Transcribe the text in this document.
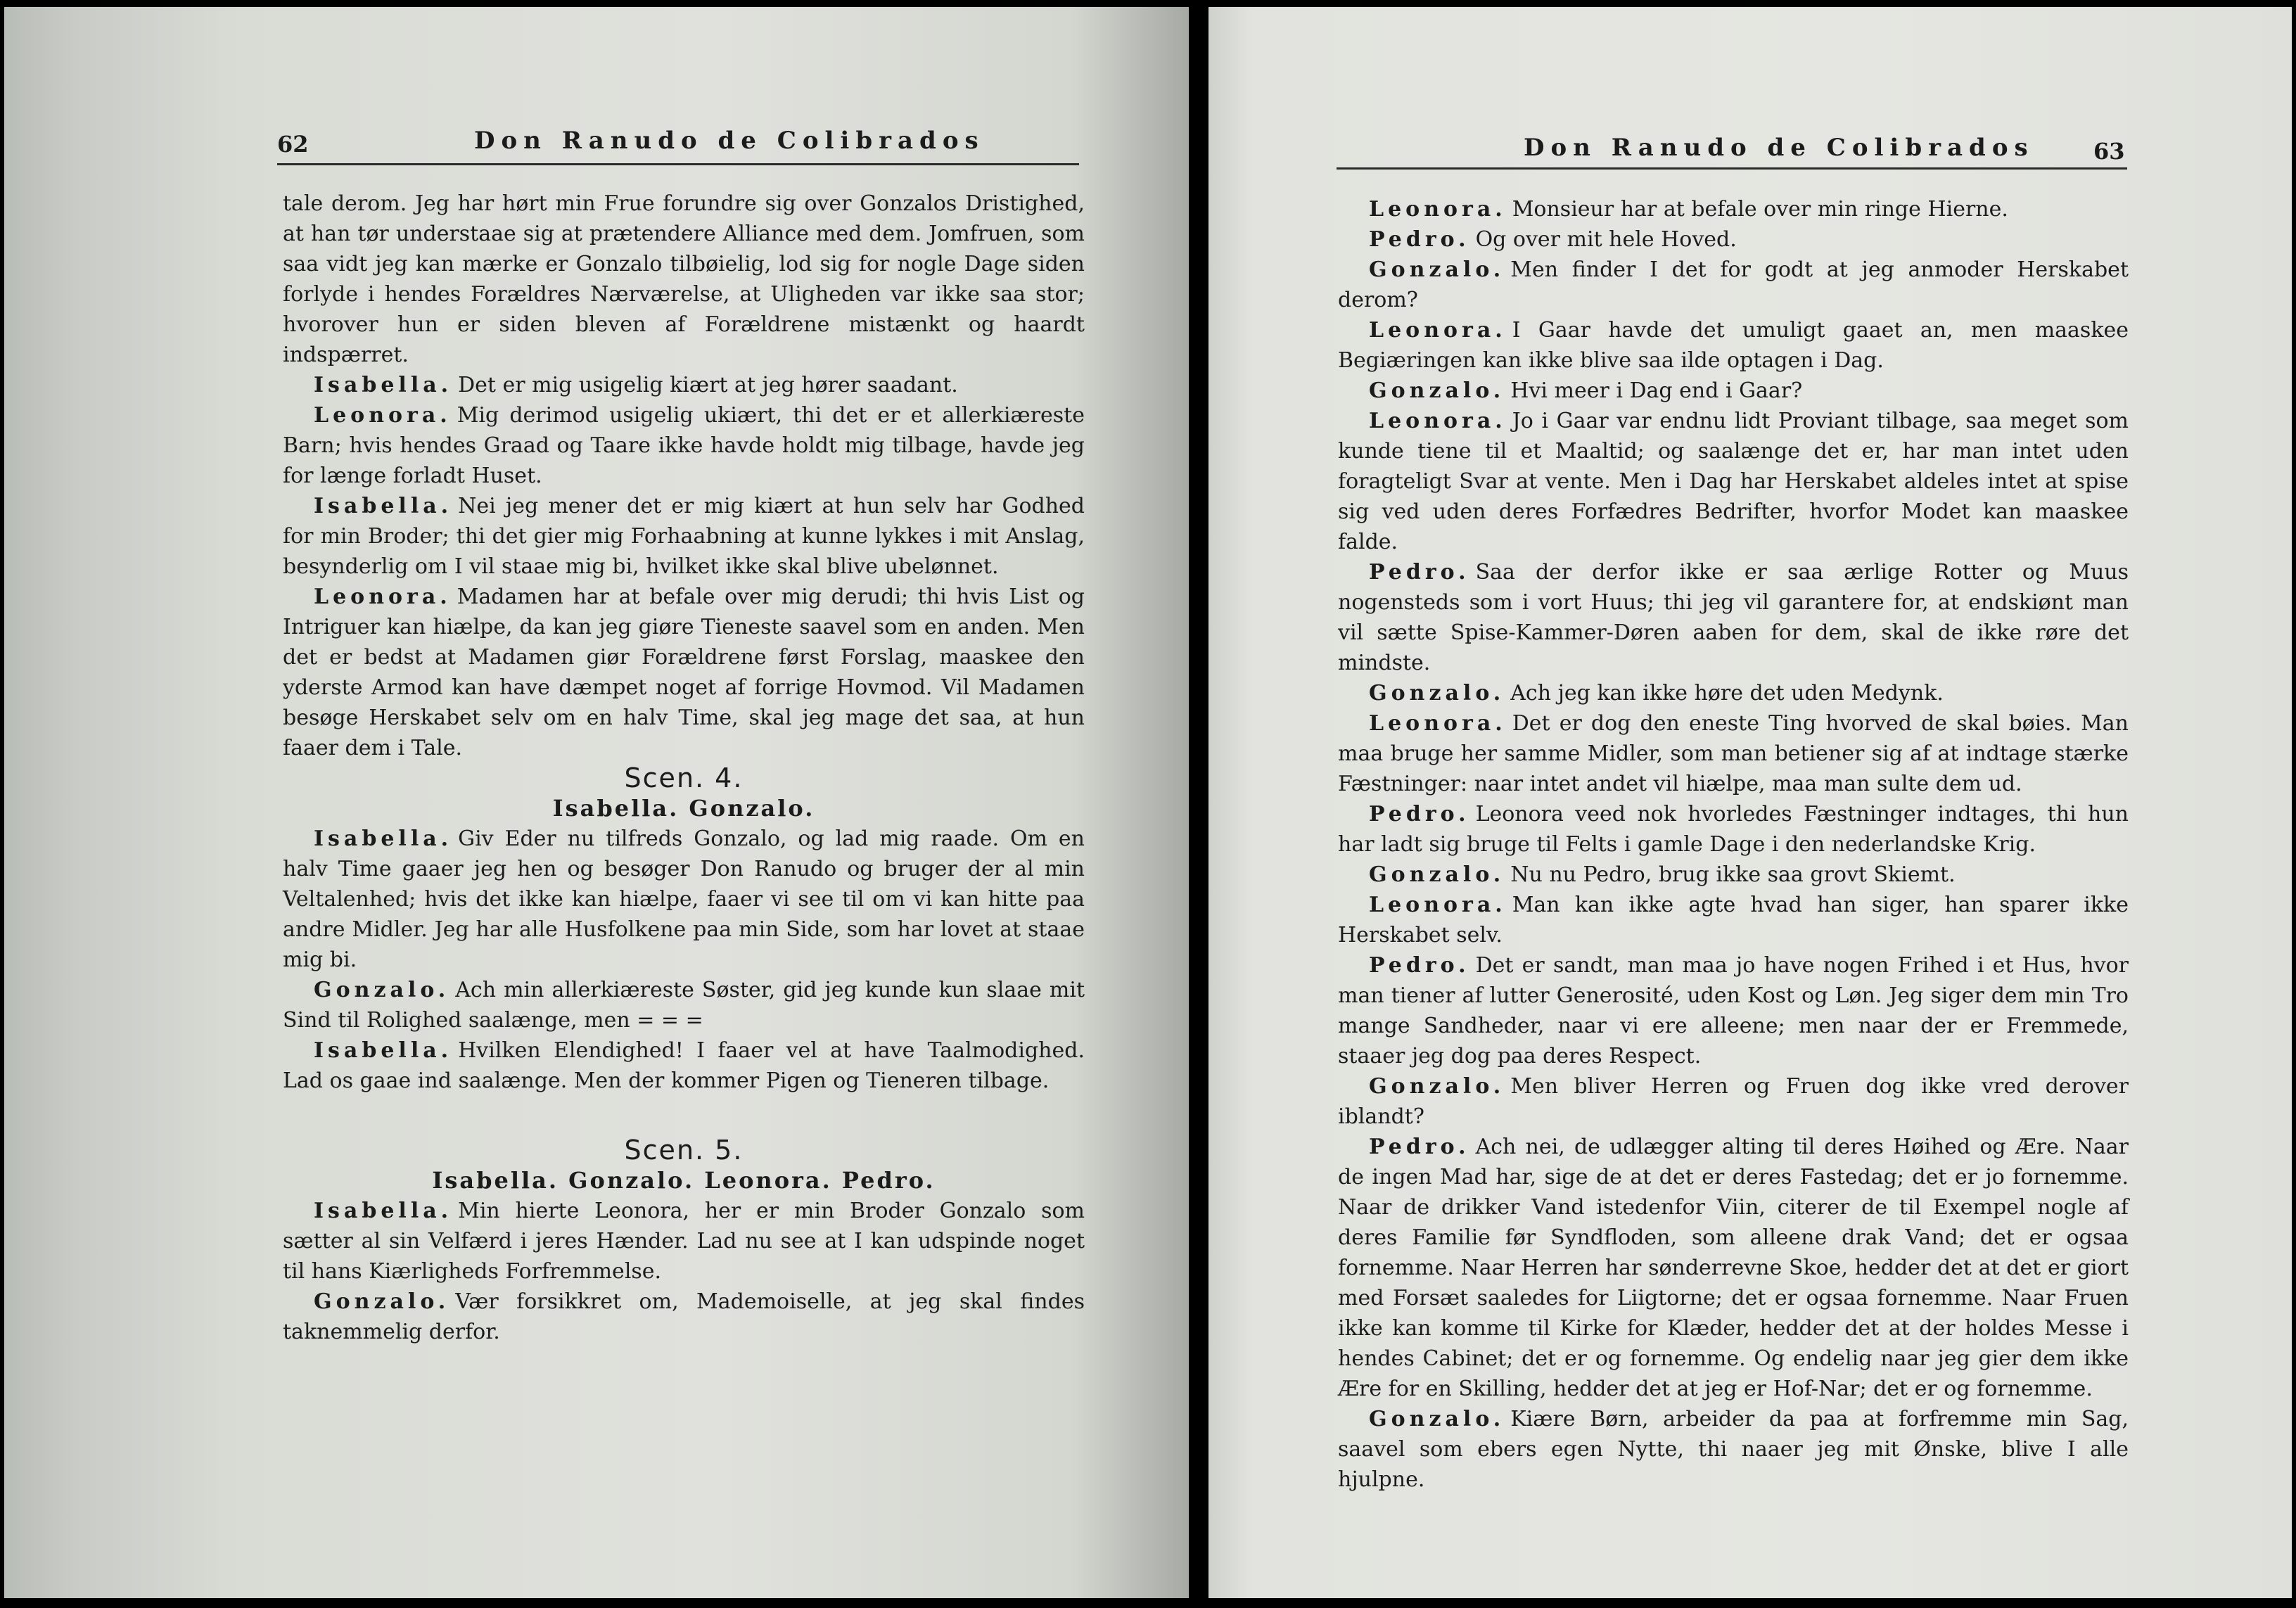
62	Don Ranudo de Colibrados

tale derom. Jeg har hørt min Frue forundre sig over Gonzalos Dristighed, at han tør understaae sig at prætendere Alliance med dem. Jomfruen, som saa vidt jeg kan mærke er Gonzalo tilbøielig, lod sig for nogle Dage siden forlyde i hendes Forældres Nærværelse, at Uligheden var ikke saa stor; hvorover hun er siden bleven af Forældrene mistænkt og haardt indspærret.

Isabella. Det er mig usigelig kiært at jeg hører saadant.

Leonora. Mig derimod usigelig ukiært, thi det er et allerkiæreste Barn; hvis hendes Graad og Taare ikke havde holdt mig tilbage, havde jeg for længe forladt Huset.

Isabella. Nei jeg mener det er mig kiært at hun selv har Godhed for min Broder; thi det gier mig Forhaabning at kunne lykkes i mit Anslag, besynderlig om I vil staae mig bi, hvilket ikke skal blive ubelønnet.

Leonora. Madamen har at befale over mig derudi; thi hvis List og Intriguer kan hiælpe, da kan jeg giøre Tieneste saavel som en anden. Men det er bedst at Madamen giør Forældrene først Forslag, maaskee den yderste Armod kan have dæmpet noget af forrige Hovmod. Vil Madamen besøge Herskabet selv om en halv Time, skal jeg mage det saa, at hun faaer dem i Tale.

Scen. 4.

Isabella. Gonzalo.

Isabella. Giv Eder nu tilfreds Gonzalo, og lad mig raade. Om en halv Time gaaer jeg hen og besøger Don Ranudo og bruger der al min Veltalenhed; hvis det ikke kan hiælpe, faaer vi see til om vi kan hitte paa andre Midler. Jeg har alle Husfolkene paa min Side, som har lovet at staae mig bi.

Gonzalo. Ach min allerkiæreste Søster, gid jeg kunde kun slaae mit Sind til Rolighed saalænge, men = = =

Isabella. Hvilken Elendighed! I faaer vel at have Taalmodighed. Lad os gaae ind saalænge. Men der kommer Pigen og Tieneren tilbage.

Scen. 5.

Isabella. Gonzalo. Leonora. Pedro.

Isabella. Min hierte Leonora, her er min Broder Gonzalo som sætter al sin Velfærd i jeres Hænder. Lad nu see at I kan udspinde noget til hans Kiærligheds Forfremmelse.

Gonzalo. Vær forsikkret om, Mademoiselle, at jeg skal findes taknemmelig derfor.

Don Ranudo de Colibrados	63

Leonora. Monsieur har at befale over min ringe Hierne.

Pedro. Og over mit hele Hoved.

Gonzalo. Men finder I det for godt at jeg anmoder Herskabet derom?

Leonora. I Gaar havde det umuligt gaaet an, men maaskee Begiæringen kan ikke blive saa ilde optagen i Dag.

Gonzalo. Hvi meer i Dag end i Gaar?

Leonora. Jo i Gaar var endnu lidt Proviant tilbage, saa meget som kunde tiene til et Maaltid; og saalænge det er, har man intet uden foragteligt Svar at vente. Men i Dag har Herskabet aldeles intet at spise sig ved uden deres Forfædres Bedrifter, hvorfor Modet kan maaskee falde.

Pedro. Saa der derfor ikke er saa ærlige Rotter og Muus nogensteds som i vort Huus; thi jeg vil garantere for, at endskiønt man vil sætte Spise-Kammer-Døren aaben for dem, skal de ikke røre det mindste.

Gonzalo. Ach jeg kan ikke høre det uden Medynk.

Leonora. Det er dog den eneste Ting hvorved de skal bøies. Man maa bruge her samme Midler, som man betiener sig af at indtage stærke Fæstninger: naar intet andet vil hiælpe, maa man sulte dem ud.

Pedro. Leonora veed nok hvorledes Fæstninger indtages, thi hun har ladt sig bruge til Felts i gamle Dage i den nederlandske Krig.

Gonzalo. Nu nu Pedro, brug ikke saa grovt Skiemt.

Leonora. Man kan ikke agte hvad han siger, han sparer ikke Herskabet selv.

Pedro. Det er sandt, man maa jo have nogen Frihed i et Hus, hvor man tiener af lutter Generosité, uden Kost og Løn. Jeg siger dem min Tro mange Sandheder, naar vi ere alleene; men naar der er Fremmede, staaer jeg dog paa deres Respect.

Gonzalo. Men bliver Herren og Fruen dog ikke vred derover iblandt?

Pedro. Ach nei, de udlægger alting til deres Høihed og Ære. Naar de ingen Mad har, sige de at det er deres Fastedag; det er jo fornemme. Naar de drikker Vand istedenfor Viin, citerer de til Exempel nogle af deres Familie før Syndfloden, som alleene drak Vand; det er ogsaa fornemme. Naar Herren har sønderrevne Skoe, hedder det at det er giort med Forsæt saaledes for Liigtorne; det er ogsaa fornemme. Naar Fruen ikke kan komme til Kirke for Klæder, hedder det at der holdes Messe i hendes Cabinet; det er og fornemme. Og endelig naar jeg gier dem ikke Ære for en Skilling, hedder det at jeg er Hof-Nar; det er og fornemme.

Gonzalo. Kiære Børn, arbeider da paa at forfremme min Sag, saavel som ebers egen Nytte, thi naaer jeg mit Ønske, blive I alle hjulpne.
